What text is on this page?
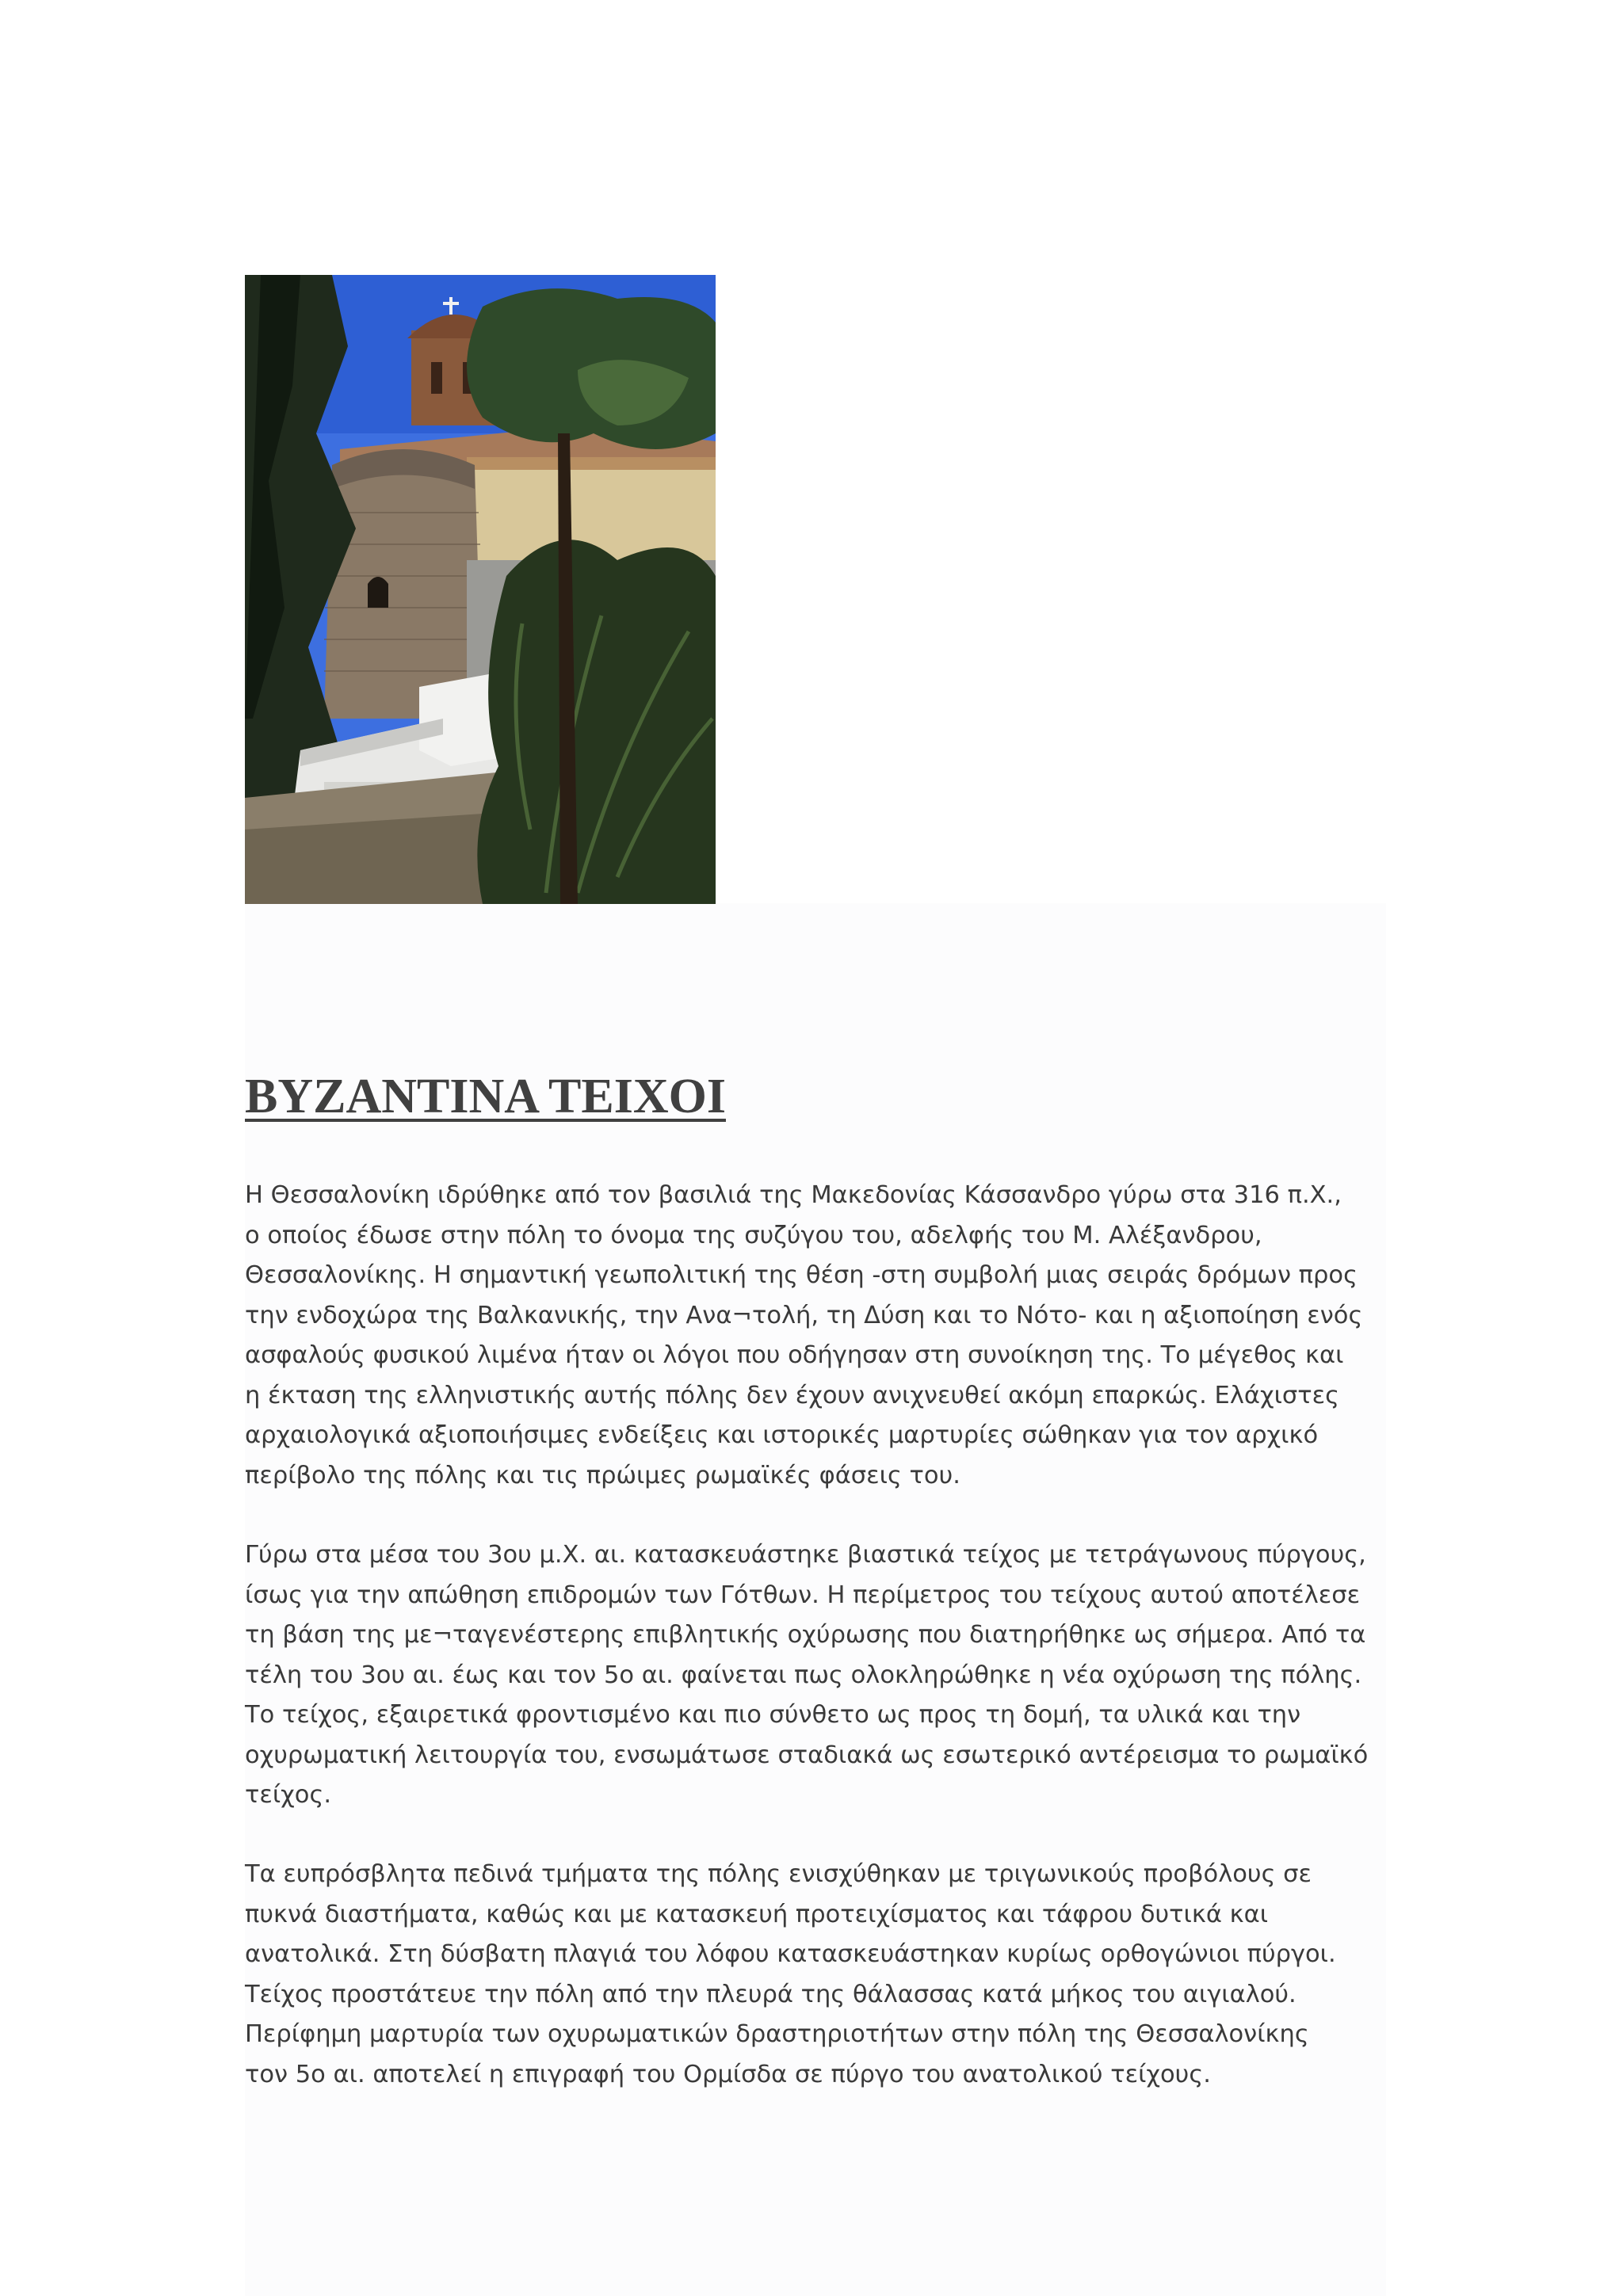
BYZANTINA TEIXOI

Η Θεσσαλονίκη ιδρύθηκε από τον βασιλιά της Μακεδονίας Κάσσανδρο γύρω στα 316 π.Χ.,
ο οποίος έδωσε στην πόλη το όνομα της συζύγου του, αδελφής του Μ. Αλέξανδρου,
Θεσσαλονίκης. Η σημαντική γεωπολιτική της θέση -στη συμβολή μιας σειράς δρόμων προς
την ενδοχώρα της Βαλκανικής, την Ανα¬τολή, τη Δύση και το Νότο- και η αξιοποίηση ενός
ασφαλούς φυσικού λιμένα ήταν οι λόγοι που οδήγησαν στη συνοίκηση της. Το μέγεθος και
η έκταση της ελληνιστικής αυτής πόλης δεν έχουν ανιχνευθεί ακόμη επαρκώς. Ελάχιστες
αρχαιολογικά αξιοποιήσιμες ενδείξεις και ιστορικές μαρτυρίες σώθηκαν για τον αρχικό
περίβολο της πόλης και τις πρώιμες ρωμαϊκές φάσεις του.

Γύρω στα μέσα του 3ου μ.Χ. αι. κατασκευάστηκε βιαστικά τείχος με τετράγωνους πύργους,
ίσως για την απώθηση επιδρομών των Γότθων. Η περίμετρος του τείχους αυτού αποτέλεσε
τη βάση της με¬ταγενέστερης επιβλητικής οχύρωσης που διατηρήθηκε ως σήμερα. Από τα
τέλη του 3ου αι. έως και τον 5ο αι. φαίνεται πως ολοκληρώθηκε η νέα οχύρωση της πόλης.
Το τείχος, εξαιρετικά φροντισμένο και πιο σύνθετο ως προς τη δομή, τα υλικά και την
οχυρωματική λειτουργία του, ενσωμάτωσε σταδιακά ως εσωτερικό αντέρεισμα το ρωμαϊκό
τείχος.

Τα ευπρόσβλητα πεδινά τμήματα της πόλης ενισχύθηκαν με τριγωνικούς προβόλους σε
πυκνά διαστήματα, καθώς και με κατασκευή προτειχίσματος και τάφρου δυτικά και
ανατολικά. Στη δύσβατη πλαγιά του λόφου κατασκευάστηκαν κυρίως ορθογώνιοι πύργοι.
Τείχος προστάτευε την πόλη από την πλευρά της θάλασσας κατά μήκος του αιγιαλού.
Περίφημη μαρτυρία των οχυρωματικών δραστηριοτήτων στην πόλη της Θεσσαλονίκης
τον 5ο αι. αποτελεί η επιγραφή του Ορμίσδα σε πύργο του ανατολικού τείχους.
